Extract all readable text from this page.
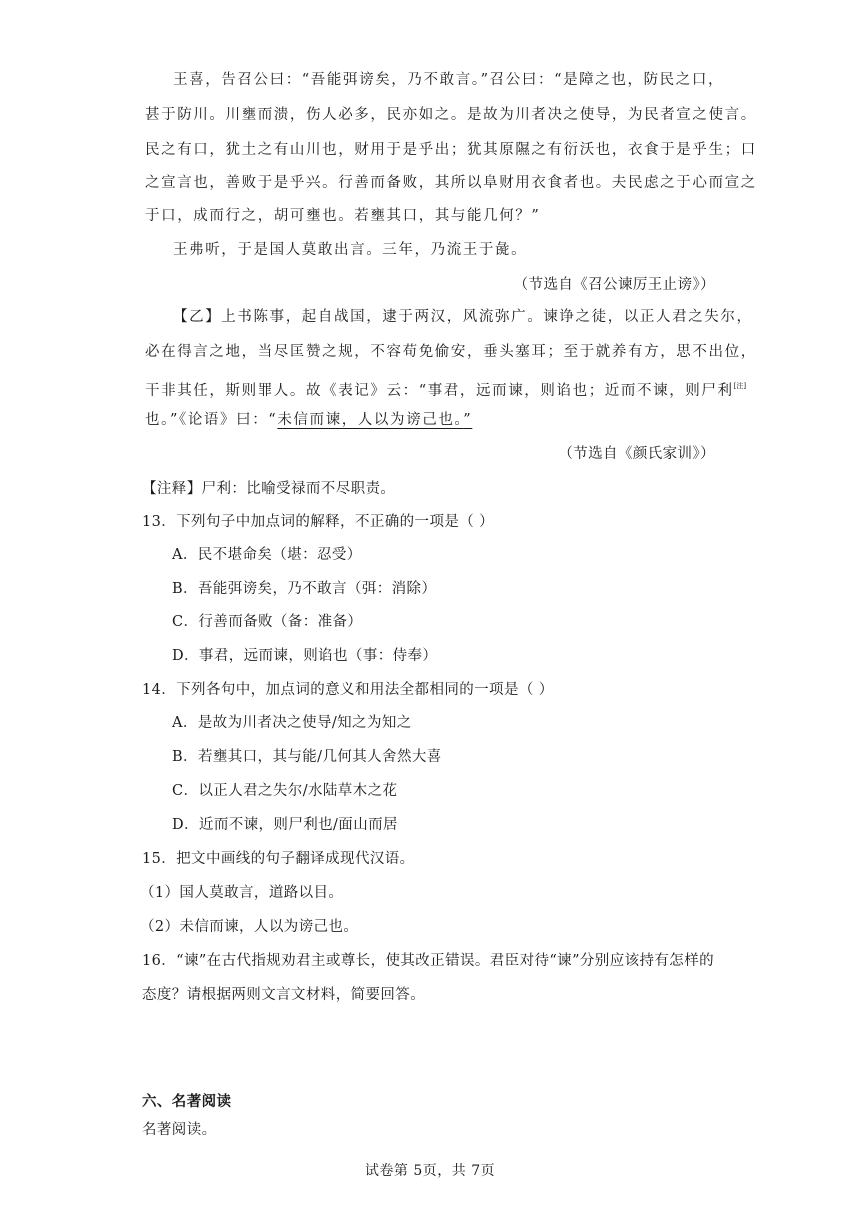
王喜，告召公曰：“吾能弭谤矣，乃不敢言。”召公曰：“是障之也，防民之口，
甚于防川。川壅而溃，伤人必多，民亦如之。是故为川者决之使导，为民者宣之使言。
民之有口，犹土之有山川也，财用于是乎出；犹其原隰之有衍沃也，衣食于是乎生；口
之宣言也，善败于是乎兴。行善而备败，其所以阜财用衣食者也。夫民虑之于心而宣之
于口，成而行之，胡可壅也。若壅其口，其与能几何？”
王弗听，于是国人莫敢出言。三年，乃流王于彘。
（节选自《召公谏厉王止谤》）
【乙】上书陈事，起自战国，逮于两汉，风流弥广。谏诤之徒，以正人君之失尔，
必在得言之地，当尽匡赞之规，不容苟免偷安，垂头塞耳；至于就养有方，思不出位，
干非其任，斯则罪人。故《表记》云：“事君，远而谏，则谄也；近而不谏，则尸利[注]
也。”《论语》曰：“未信而谏，人以为谤己也。”
（节选自《颜氏家训》）
【注释】尸利：比喻受禄而不尽职责。
13．下列句子中加点词的解释，不正确的一项是（ ）
A．民不堪命矣（堪：忍受）
B．吾能弭谤矣，乃不敢言（弭：消除）
C．行善而备败（备：准备）
D．事君，远而谏，则谄也（事：侍奉）
14．下列各句中，加点词的意义和用法全都相同的一项是（ ）
A．是故为川者决之使导/知之为知之
B．若壅其口，其与能/几何其人舍然大喜
C．以正人君之失尔/水陆草木之花
D．近而不谏，则尸利也/面山而居
15．把文中画线的句子翻译成现代汉语。
（1）国人莫敢言，道路以目。
（2）未信而谏，人以为谤己也。
16．“谏”在古代指规劝君主或尊长，使其改正错误。君臣对待“谏”分别应该持有怎样的
态度？请根据两则文言文材料，简要回答。
六、名著阅读
名著阅读。
试卷第 5页，共 7页
